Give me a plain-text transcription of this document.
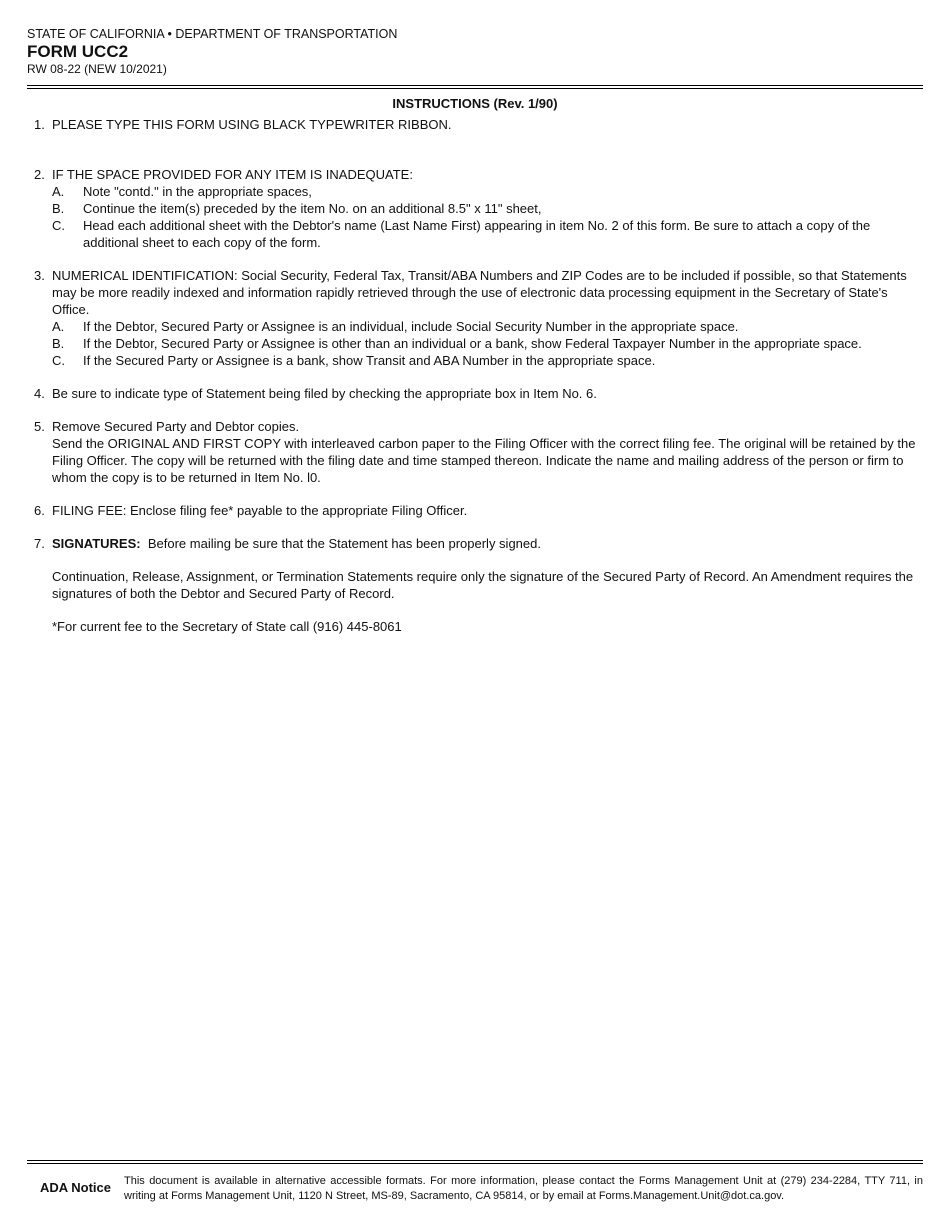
STATE OF CALIFORNIA • DEPARTMENT OF TRANSPORTATION

FORM UCC2

RW 08-22 (NEW 10/2021)

INSTRUCTIONS (Rev. 1/90)
1. PLEASE TYPE THIS FORM USING BLACK TYPEWRITER RIBBON.
2. IF THE SPACE PROVIDED FOR ANY ITEM IS INADEQUATE:
A.	Note "contd." in the appropriate spaces,
B.	Continue the item(s) preceded by the item No. on an additional 8.5" x 11" sheet,
C.	Head each additional sheet with the Debtor's name (Last Name First) appearing in item No. 2 of this form. Be sure to attach a copy of the additional sheet to each copy of the form.
3. NUMERICAL IDENTIFICATION: Social Security, Federal Tax, Transit/ABA Numbers and ZIP Codes are to be included if possible, so that Statements may be more readily indexed and information rapidly retrieved through the use of electronic data processing equipment in the Secretary of State's Office.
A.	If the Debtor, Secured Party or Assignee is an individual, include Social Security Number in the appropriate space.
B.	If the Debtor, Secured Party or Assignee is other than an individual or a bank, show Federal Taxpayer Number in the appropriate space.
C.	If the Secured Party or Assignee is a bank, show Transit and ABA Number in the appropriate space.
4. Be sure to indicate type of Statement being filed by checking the appropriate box in Item No. 6.
5. Remove Secured Party and Debtor copies.
Send the ORIGINAL AND FIRST COPY with interleaved carbon paper to the Filing Officer with the correct filing fee. The original will be retained by the Filing Officer. The copy will be returned with the filing date and time stamped thereon. Indicate the name and mailing address of the person or firm to whom the copy is to be returned in Item No. l0.
6. FILING FEE: Enclose filing fee* payable to the appropriate Filing Officer.
7. SIGNATURES: Before mailing be sure that the Statement has been properly signed.
Continuation, Release, Assignment, or Termination Statements require only the signature of the Secured Party of Record. An Amendment requires the signatures of both the Debtor and Secured Party of Record.
*For current fee to the Secretary of State call (916) 445-8061
ADA Notice	This document is available in alternative accessible formats. For more information, please contact the Forms Management Unit at (279) 234-2284, TTY 711, in writing at Forms Management Unit, 1120 N Street, MS-89, Sacramento, CA 95814, or by email at Forms.Management.Unit@dot.ca.gov.
